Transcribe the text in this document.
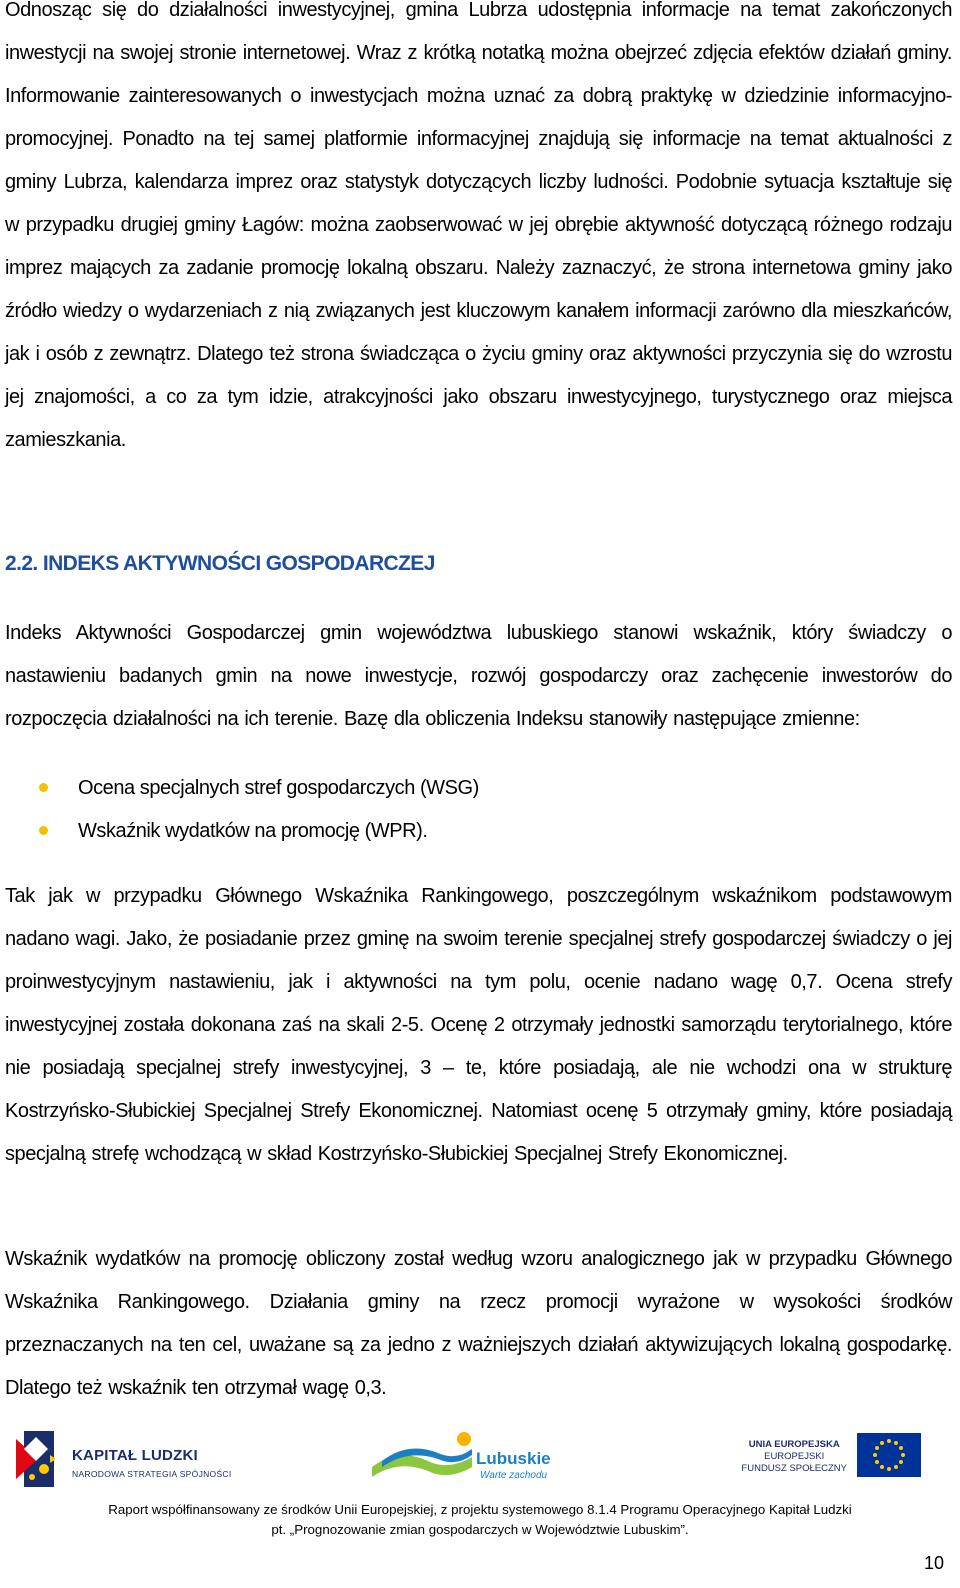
Odnosząc się do działalności inwestycyjnej, gmina Lubrza udostępnia informacje na temat zakończonych inwestycji na swojej stronie internetowej. Wraz z krótką notatką można obejrzeć zdjęcia efektów działań gminy. Informowanie zainteresowanych o inwestycjach można uznać za dobrą praktykę w dziedzinie informacyjno-promocyjnej. Ponadto na tej samej platformie informacyjnej znajdują się informacje na temat aktualności z gminy Lubrza, kalendarza imprez oraz statystyk dotyczących liczby ludności. Podobnie sytuacja kształtuje się w przypadku drugiej gminy Łagów: można zaobserwować w jej obrębie aktywność dotyczącą różnego rodzaju imprez mających za zadanie promocję lokalną obszaru. Należy zaznaczyć, że strona internetowa gminy jako źródło wiedzy o wydarzeniach z nią związanych jest kluczowym kanałem informacji zarówno dla mieszkańców, jak i osób z zewnątrz. Dlatego też strona świadcząca o życiu gminy oraz aktywności przyczynia się do wzrostu jej znajomości, a co za tym idzie, atrakcyjności jako obszaru inwestycyjnego, turystycznego oraz miejsca zamieszkania.

2.2. INDEKS AKTYWNOŚCI GOSPODARCZEJ

Indeks Aktywności Gospodarczej gmin województwa lubuskiego stanowi wskaźnik, który świadczy o nastawieniu badanych gmin na nowe inwestycje, rozwój gospodarczy oraz zachęcenie inwestorów do rozpoczęcia działalności na ich terenie. Bazę dla obliczenia Indeksu stanowiły następujące zmienne:

Ocena specjalnych stref gospodarczych (WSG)
Wskaźnik wydatków na promocję (WPR).

Tak jak w przypadku Głównego Wskaźnika Rankingowego, poszczególnym wskaźnikom podstawowym nadano wagi. Jako, że posiadanie przez gminę na swoim terenie specjalnej strefy gospodarczej świadczy o jej proinwestycyjnym nastawieniu, jak i aktywności na tym polu, ocenie nadano wagę 0,7. Ocena strefy inwestycyjnej została dokonana zaś na skali 2-5. Ocenę 2 otrzymały jednostki samorządu terytorialnego, które nie posiadają specjalnej strefy inwestycyjnej, 3 – te, które posiadają, ale nie wchodzi ona w strukturę Kostrzyńsko-Słubickiej Specjalnej Strefy Ekonomicznej. Natomiast ocenę 5 otrzymały gminy, które posiadają specjalną strefę wchodzącą w skład Kostrzyńsko-Słubickiej Specjalnej Strefy Ekonomicznej.

Wskaźnik wydatków na promocję obliczony został według wzoru analogicznego jak w przypadku Głównego Wskaźnika Rankingowego. Działania gminy na rzecz promocji wyrażone w wysokości środków przeznaczanych na ten cel, uważane są za jedno z ważniejszych działań aktywizujących lokalną gospodarkę. Dlatego też wskaźnik ten otrzymał wagę 0,3.

KAPITAŁ LUDZKI
NARODOWA STRATEGIA SPÓJNOŚCI
Lubuskie
Warte zachodu
UNIA EUROPEJSKA
EUROPEJSKI
FUNDUSZ SPOŁECZNY
Raport współfinansowany ze środków Unii Europejskiej, z projektu systemowego 8.1.4 Programu Operacyjnego Kapitał Ludzki
pt. „Prognozowanie zmian gospodarczych w Województwie Lubuskim”.
10
